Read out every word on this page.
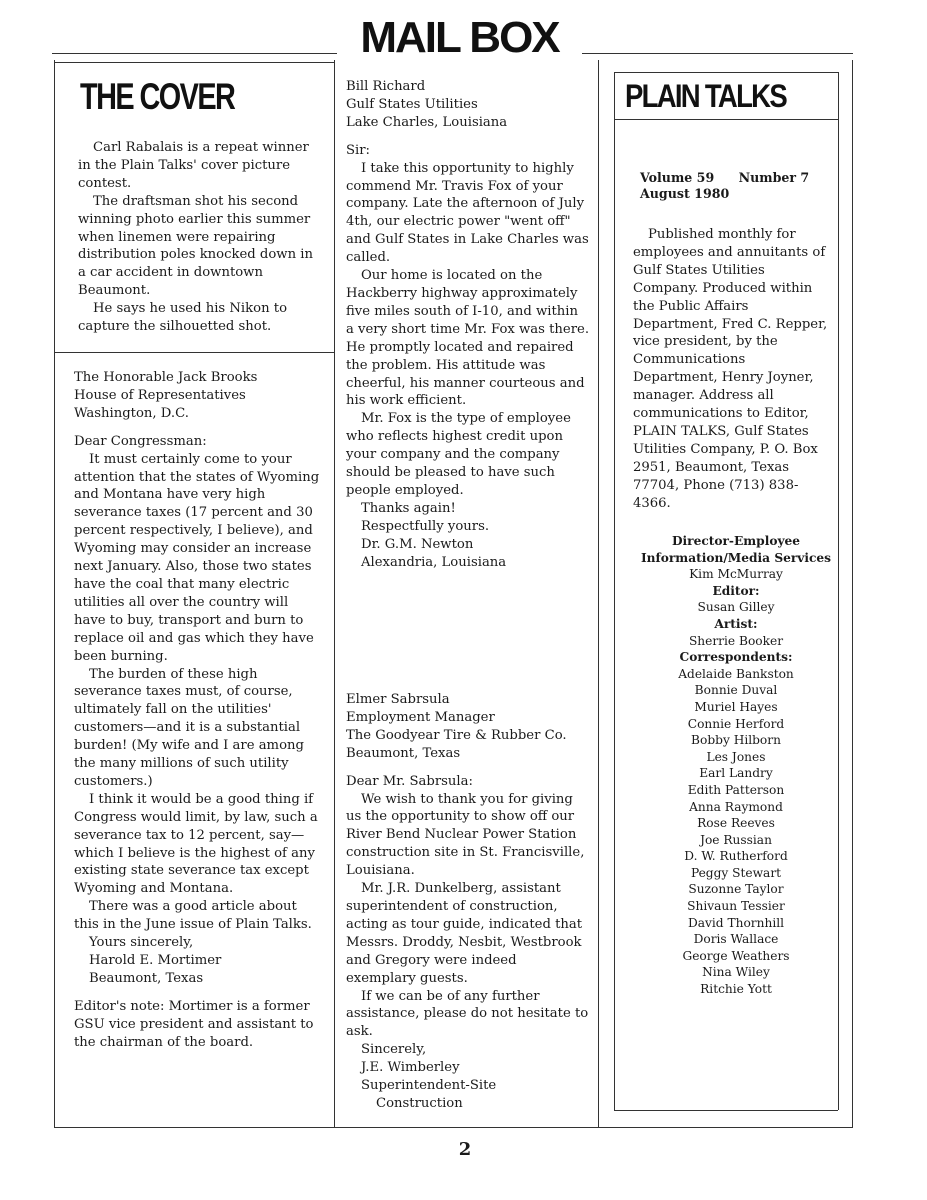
MAIL BOX
THE COVER

Carl Rabalais is a repeat winner in the Plain Talks' cover picture contest.

The draftsman shot his second winning photo earlier this summer when linemen were repairing distribution poles knocked down in a car accident in downtown Beaumont.

He says he used his Nikon to capture the silhouetted shot.

The Honorable Jack Brooks

House of Representatives

Washington, D.C.

Dear Congressman:

It must certainly come to your attention that the states of Wyoming and Montana have very high severance taxes (17 percent and 30 percent respectively, I believe), and Wyoming may consider an increase next January. Also, those two states have the coal that many electric utilities all over the country will have to buy, transport and burn to replace oil and gas which they have been burning.

The burden of these high severance taxes must, of course, ultimately fall on the utilities' customers—and it is a substantial burden! (My wife and I are among the many millions of such utility customers.)

I think it would be a good thing if Congress would limit, by law, such a severance tax to 12 percent, say—which I believe is the highest of any existing state severance tax except Wyoming and Montana.

There was a good article about this in the June issue of Plain Talks.

Yours sincerely,

Harold E. Mortimer

Beaumont, Texas

Editor's note: Mortimer is a former GSU vice president and assistant to the chairman of the board.

Bill Richard

Gulf States Utilities

Lake Charles, Louisiana

Sir:

I take this opportunity to highly commend Mr. Travis Fox of your company. Late the afternoon of July 4th, our electric power "went off" and Gulf States in Lake Charles was called.

Our home is located on the Hackberry highway approximately five miles south of I-10, and within a very short time Mr. Fox was there. He promptly located and repaired the problem. His attitude was cheerful, his manner courteous and his work efficient.

Mr. Fox is the type of employee who reflects highest credit upon your company and the company should be pleased to have such people employed.

Thanks again!

Respectfully yours.

Dr. G.M. Newton

Alexandria, Louisiana

Elmer Sabrsula

Employment Manager

The Goodyear Tire & Rubber Co.

Beaumont, Texas

Dear Mr. Sabrsula:

We wish to thank you for giving us the opportunity to show off our River Bend Nuclear Power Station construction site in St. Francisville, Louisiana.

Mr. J.R. Dunkelberg, assistant superintendent of construction, acting as tour guide, indicated that Messrs. Droddy, Nesbit, Westbrook and Gregory were indeed exemplary guests.

If we can be of any further assistance, please do not hesitate to ask.

Sincerely,

J.E. Wimberley

Superintendent-Site

Construction

PLAIN TALKS
Volume 59 Number 7
August 1980

Published monthly for employees and annuitants of Gulf States Utilities Company. Produced within the Public Affairs Department, Fred C. Repper, vice president, by the Communications Department, Henry Joyner, manager. Address all communications to Editor, PLAIN TALKS, Gulf States Utilities Company, P. O. Box 2951, Beaumont, Texas 77704, Phone (713) 838-4366.

Director-Employee Information/Media Services
Kim McMurray
Editor:
Susan Gilley
Artist:
Sherrie Booker
Correspondents:
Adelaide Bankston
Bonnie Duval
Muriel Hayes
Connie Herford
Bobby Hilborn
Les Jones
Earl Landry
Edith Patterson
Anna Raymond
Rose Reeves
Joe Russian
D. W. Rutherford
Peggy Stewart
Suzonne Taylor
Shivaun Tessier
David Thornhill
Doris Wallace
George Weathers
Nina Wiley
Ritchie Yott
2
